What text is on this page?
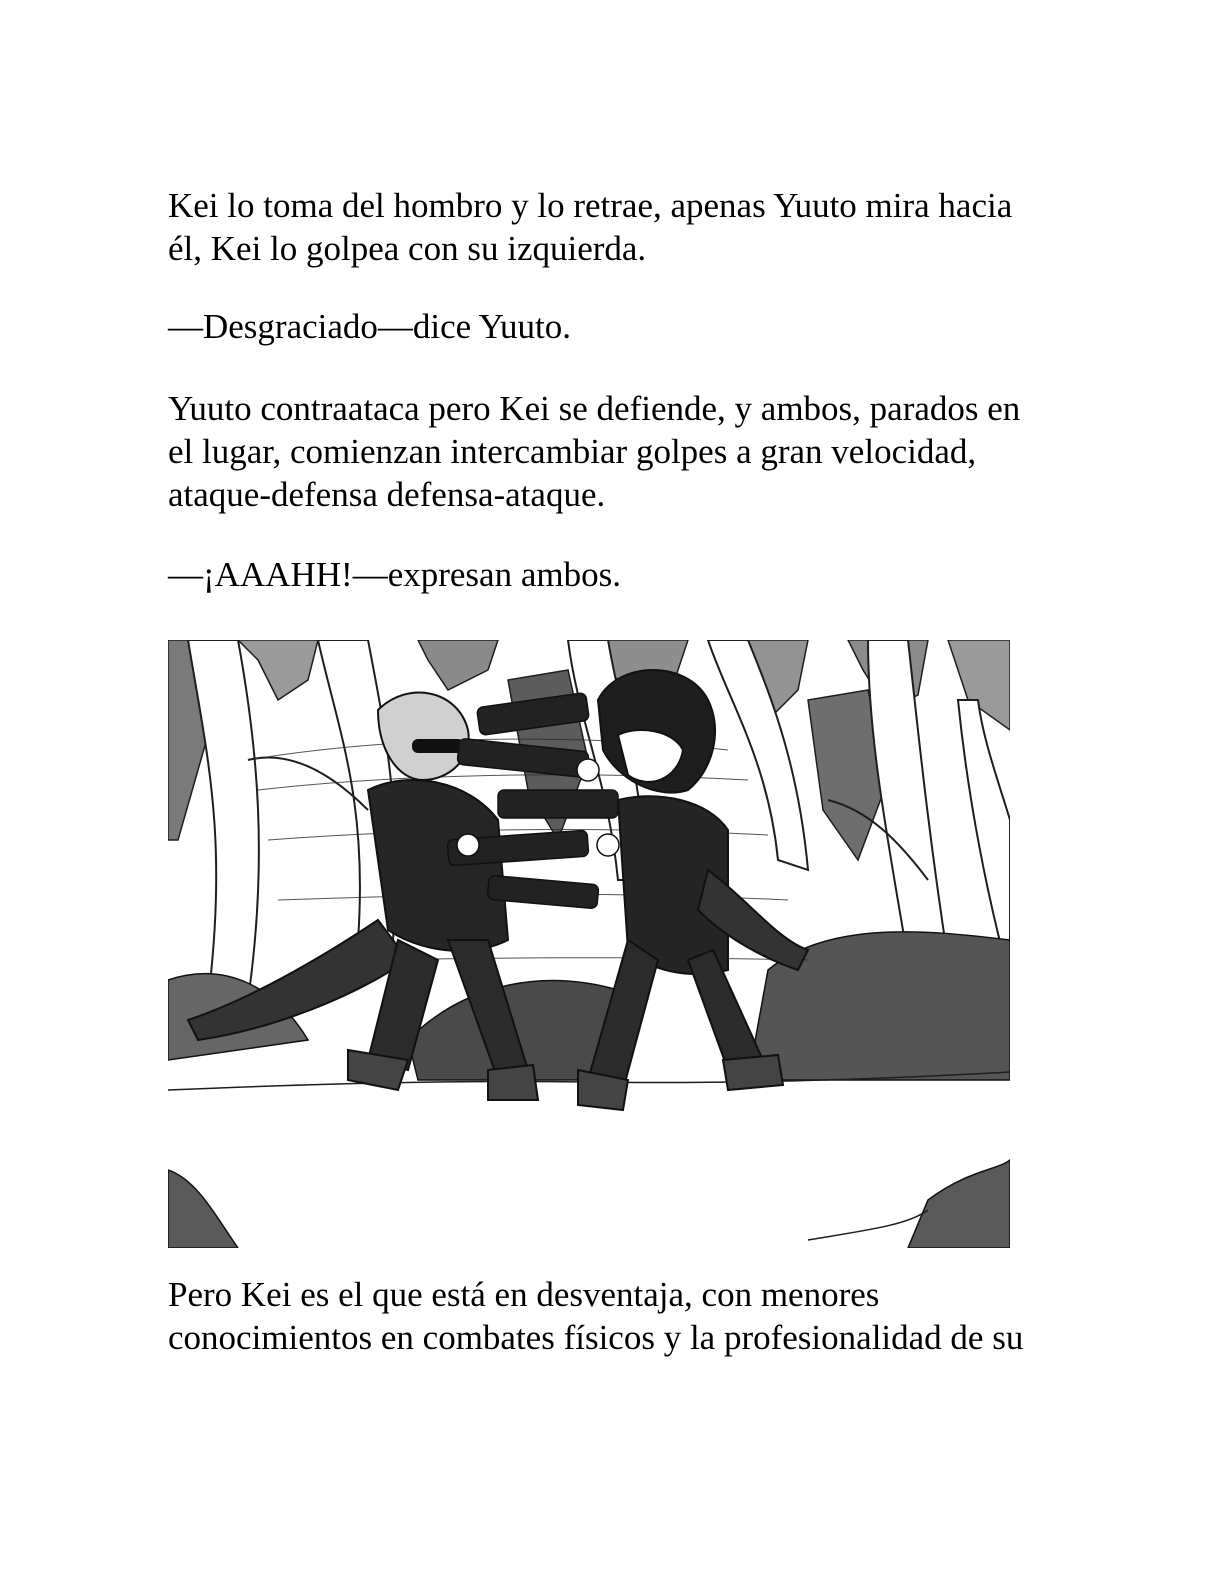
Kei lo toma del hombro y lo retrae, apenas Yuuto mira hacia
él, Kei lo golpea con su izquierda.

—Desgraciado—dice Yuuto.

Yuuto contraataca pero Kei se defiende, y ambos, parados en
el lugar, comienzan intercambiar golpes a gran velocidad,
ataque-defensa defensa-ataque.

—¡AAAHH!—expresan ambos.

Pero Kei es el que está en desventaja, con menores
conocimientos en combates físicos y la profesionalidad de su
